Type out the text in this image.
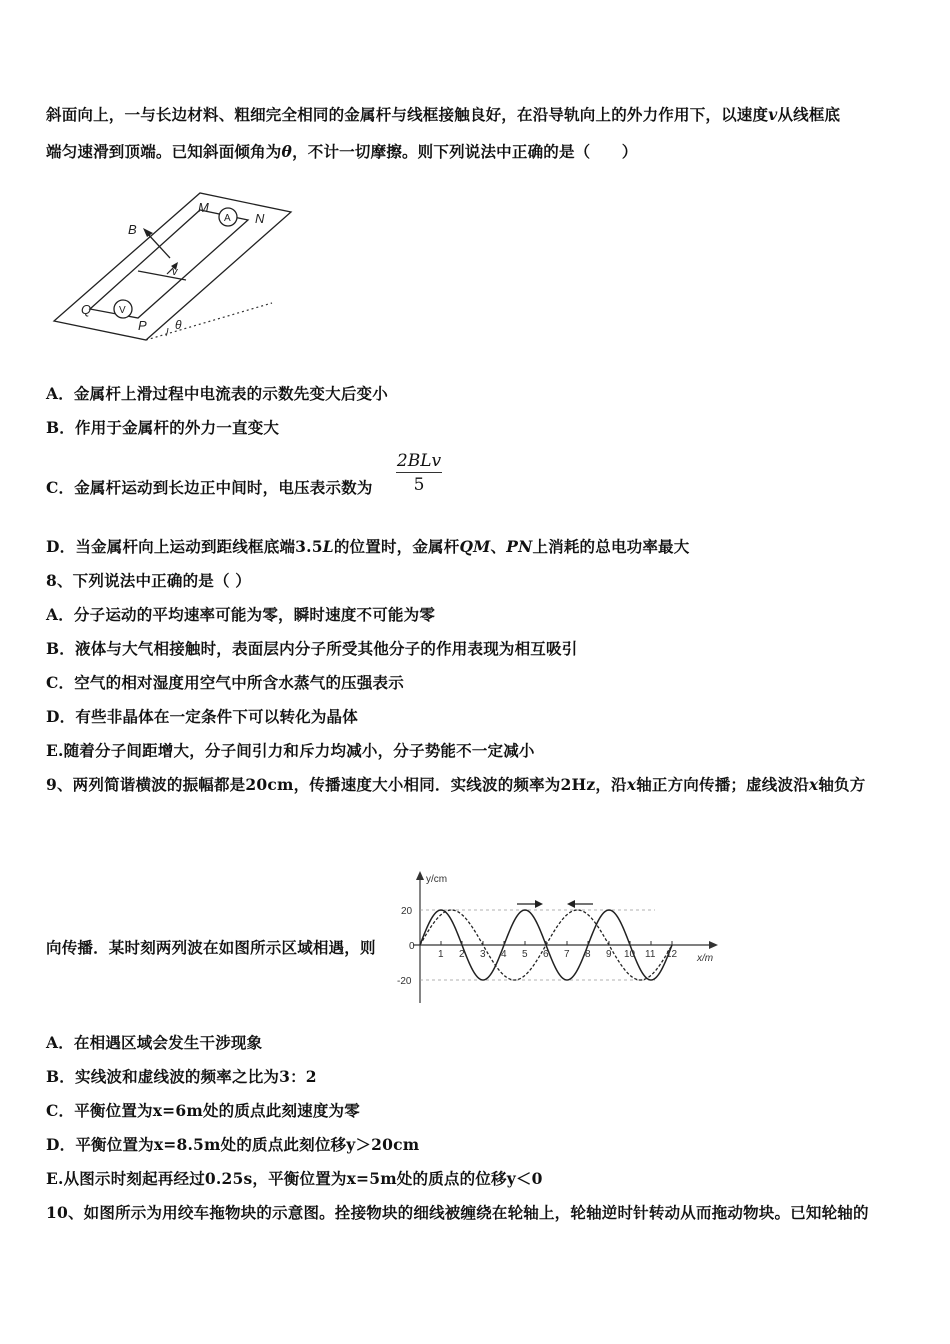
斜面向上，一与长边材料、粗细完全相同的金属杆与线框接触良好，在沿导轨向上的外力作用下，以速度v从线框底
端匀速滑到顶端。已知斜面倾角为θ，不计一切摩擦。则下列说法中正确的是（　　）
B
M
N
Q
P
v
θ
A
V
A．金属杆上滑过程中电流表的示数先变大后变小
B．作用于金属杆的外力一直变大
C．金属杆运动到长边正中间时，电压表示数为
2BLv
5
D．当金属杆向上运动到距线框底端3.5L的位置时，金属杆QM、PN上消耗的总电功率最大
8、下列说法中正确的是（ ）
A．分子运动的平均速率可能为零，瞬时速度不可能为零
B．液体与大气相接触时，表面层内分子所受其他分子的作用表现为相互吸引
C．空气的相对湿度用空气中所含水蒸气的压强表示
D．有些非晶体在一定条件下可以转化为晶体
E.随着分子间距增大，分子间引力和斥力均减小，分子势能不一定减小
9、两列简谐横波的振幅都是20cm，传播速度大小相同．实线波的频率为2Hz，沿x轴正方向传播；虚线波沿x轴负方
向传播．某时刻两列波在如图所示区域相遇，则
y/cm
x/m
20
0
-20
1 2 3 4 5 6 7 8 9 10 11 12
A．在相遇区域会发生干涉现象
B．实线波和虚线波的频率之比为3：2
C．平衡位置为x=6m处的质点此刻速度为零
D．平衡位置为x=8.5m处的质点此刻位移y＞20cm
E.从图示时刻起再经过0.25s，平衡位置为x=5m处的质点的位移y＜0
10、如图所示为用绞车拖物块的示意图。拴接物块的细线被缠绕在轮轴上，轮轴逆时针转动从而拖动物块。已知轮轴的
